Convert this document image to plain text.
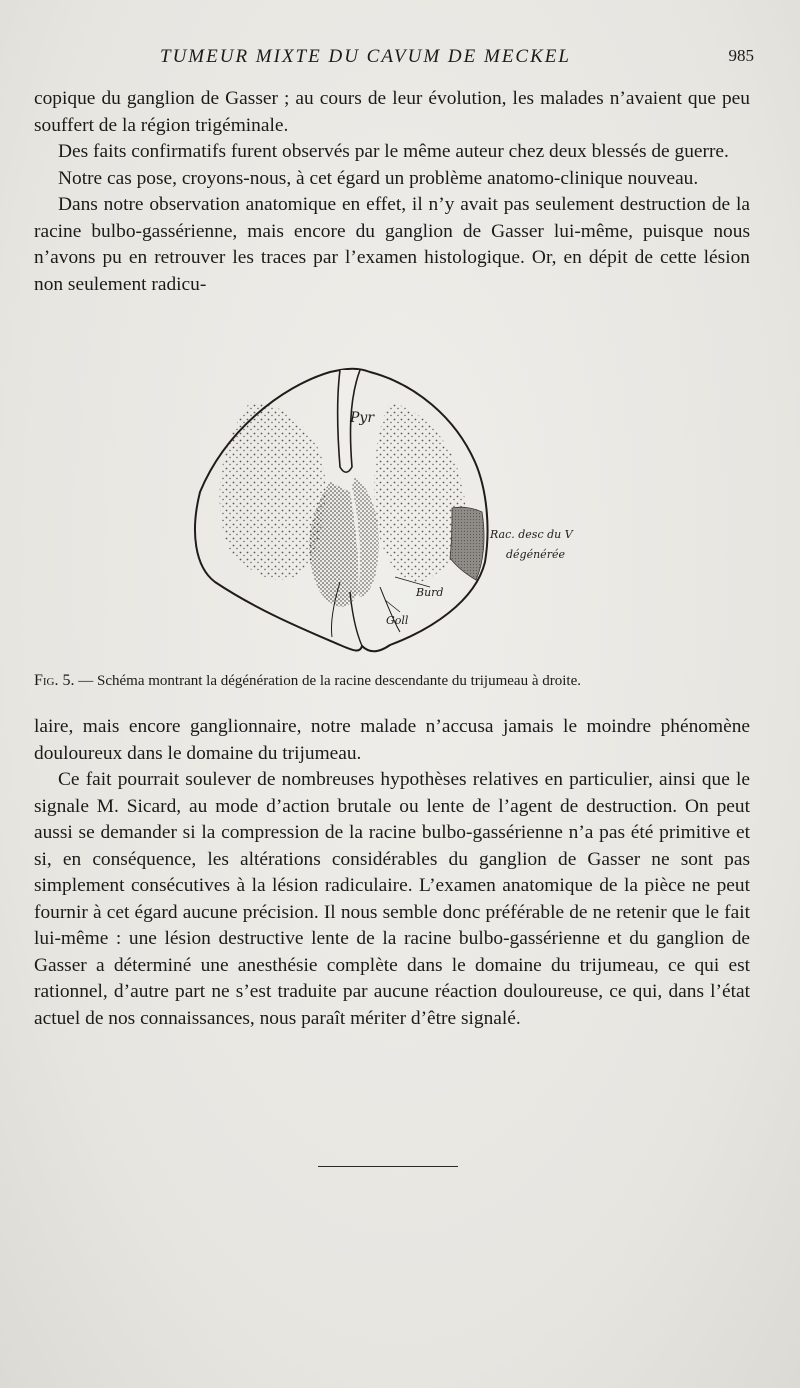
TUMEUR MIXTE DU CAVUM DE MECKEL	985

copique du ganglion de Gasser ; au cours de leur évolution, les malades n’avaient que peu souffert de la région trigéminale.

Des faits confirmatifs furent observés par le même auteur chez deux blessés de guerre.

Notre cas pose, croyons-nous, à cet égard un problème anatomo-clinique nouveau.

Dans notre observation anatomique en effet, il n’y avait pas seulement destruction de la racine bulbo-gassérienne, mais encore du ganglion de Gasser lui-même, puisque nous n’avons pu en retrouver les traces par l’examen histologique. Or, en dépit de cette lésion non seulement radicu-

Pyr
Rac. desc du V
dégénérée
Burd
Goll
Fig. 5. — Schéma montrant la dégénération de la racine descendante du trijumeau à droite.

laire, mais encore ganglionnaire, notre malade n’accusa jamais le moindre phénomène douloureux dans le domaine du trijumeau.

Ce fait pourrait soulever de nombreuses hypothèses relatives en particulier, ainsi que le signale M. Sicard, au mode d’action brutale ou lente de l’agent de destruction. On peut aussi se demander si la compression de la racine bulbo-gassérienne n’a pas été primitive et si, en conséquence, les altérations considérables du ganglion de Gasser ne sont pas simplement consécutives à la lésion radiculaire. L’examen anatomique de la pièce ne peut fournir à cet égard aucune précision. Il nous semble donc préférable de ne retenir que le fait lui-même : une lésion destructive lente de la racine bulbo-gassérienne et du ganglion de Gasser a déterminé une anesthésie complète dans le domaine du trijumeau, ce qui est rationnel, d’autre part ne s’est traduite par aucune réaction douloureuse, ce qui, dans l’état actuel de nos connaissances, nous paraît mériter d’être signalé.
